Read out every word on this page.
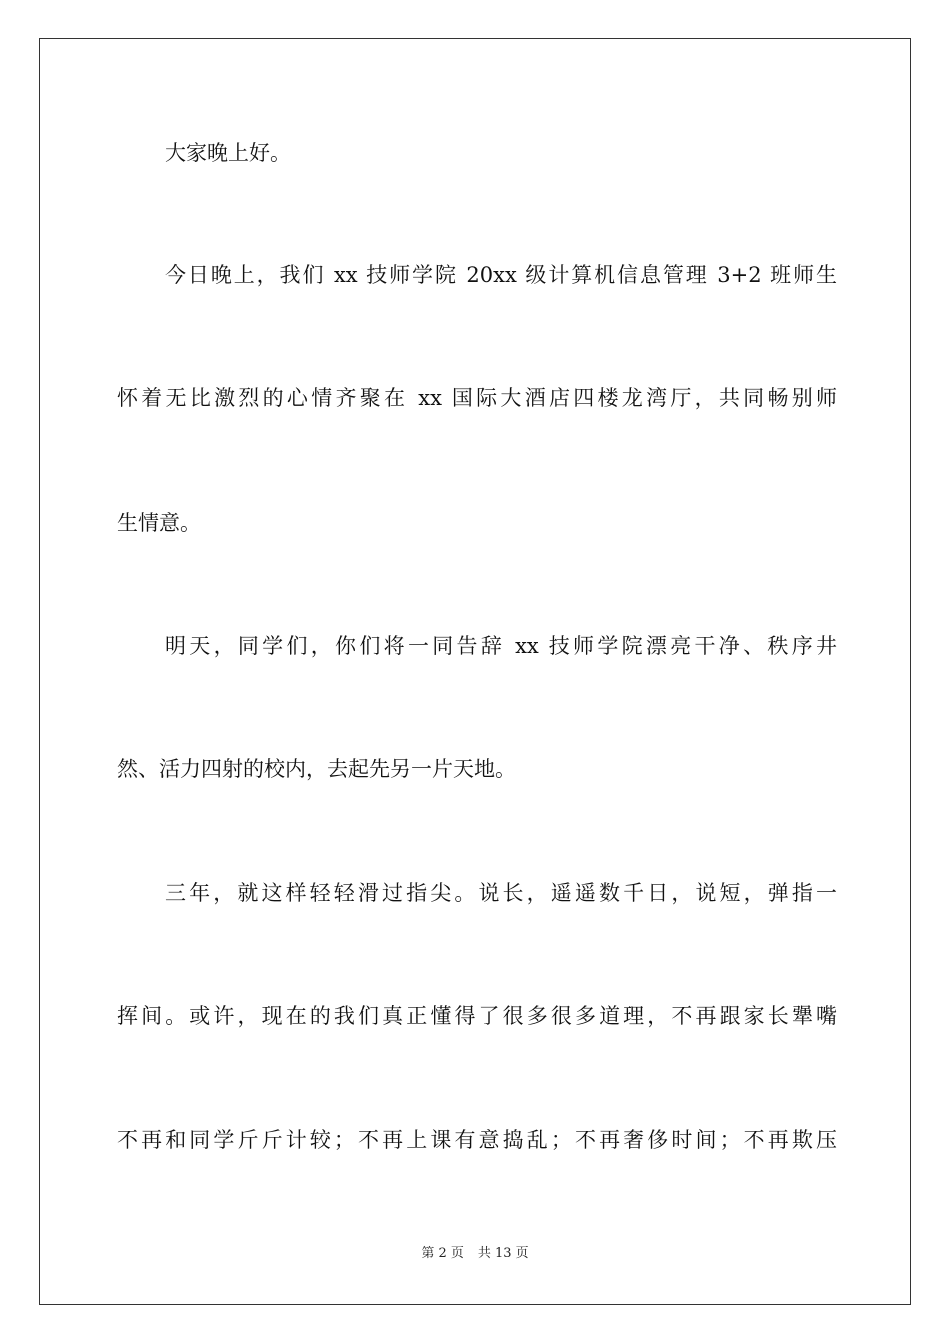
大家晚上好。
今日晚上，我们 xx 技师学院 20xx 级计算机信息管理 3+2 班师生
怀着无比激烈的心情齐聚在 xx 国际大酒店四楼龙湾厅，共同畅别师
生情意。
明天，同学们，你们将一同告辞 xx 技师学院漂亮干净、秩序井
然、活力四射的校内，去起先另一片天地。
三年，就这样轻轻滑过指尖。说长，遥遥数千日，说短，弹指一
挥间。或许，现在的我们真正懂得了很多很多道理，不再跟家长犟嘴
不再和同学斤斤计较；不再上课有意捣乱；不再奢侈时间；不再欺压
第 2 页 共 13 页
